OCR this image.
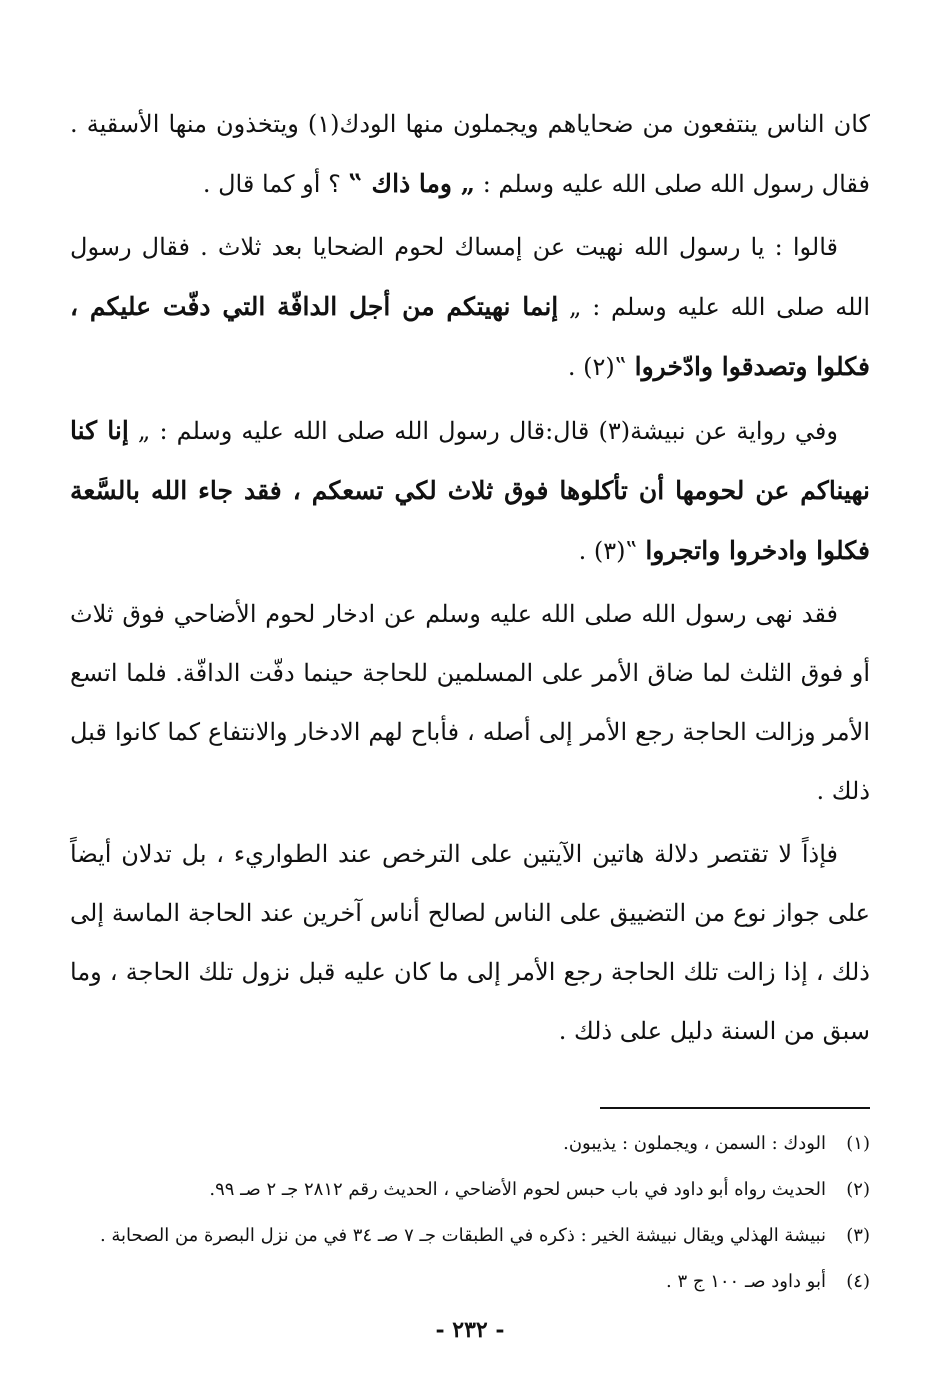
كان الناس ينتفعون من ضحاياهم ويجملون منها الودك(١) ويتخذون منها الأسقية . فقال رسول الله صلى الله عليه وسلم : „ وما ذاك ‟ ؟ أو كما قال .
قالوا : يا رسول الله نهيت عن إمساك لحوم الضحايا بعد ثلاث . فقال رسول الله صلى الله عليه وسلم : „ إنما نهيتكم من أجل الدافّة التي دفّت عليكم ، فكلوا وتصدقوا وادّخروا ‟(٢) .
وفي رواية عن نبيشة(٣) قال:قال رسول الله صلى الله عليه وسلم : „ إنا كنا نهيناكم عن لحومها أن تأكلوها فوق ثلاث لكي تسعكم ، فقد جاء الله بالسَّعة فكلوا وادخروا واتجروا ‟(٣) .
فقد نهى رسول الله صلى الله عليه وسلم عن ادخار لحوم الأضاحي فوق ثلاث أو فوق الثلث لما ضاق الأمر على المسلمين للحاجة حينما دفّت الدافّة. فلما اتسع الأمر وزالت الحاجة رجع الأمر إلى أصله ، فأباح لهم الادخار والانتفاع كما كانوا قبل ذلك .
فإذاً لا تقتصر دلالة هاتين الآيتين على الترخص عند الطواريء ، بل تدلان أيضاً على جواز نوع من التضييق على الناس لصالح أناس آخرين عند الحاجة الماسة إلى ذلك ، إذا زالت تلك الحاجة رجع الأمر إلى ما كان عليه قبل نزول تلك الحاجة ، وما سبق من السنة دليل على ذلك .
(١)
الودك : السمن ، ويجملون : يذيبون.
(٢)
الحديث رواه أبو داود في باب حبس لحوم الأضاحي ، الحديث رقم ٢٨١٢ جـ ٢ صـ ٩٩.
(٣)
نبيشة الهذلي ويقال نبيشة الخير : ذكره في الطبقات جـ ٧ صـ ٣٤ في من نزل البصرة من الصحابة .
(٤)
أبو داود صـ ١٠٠ ج ٣ .
- ٢٣٢ -
